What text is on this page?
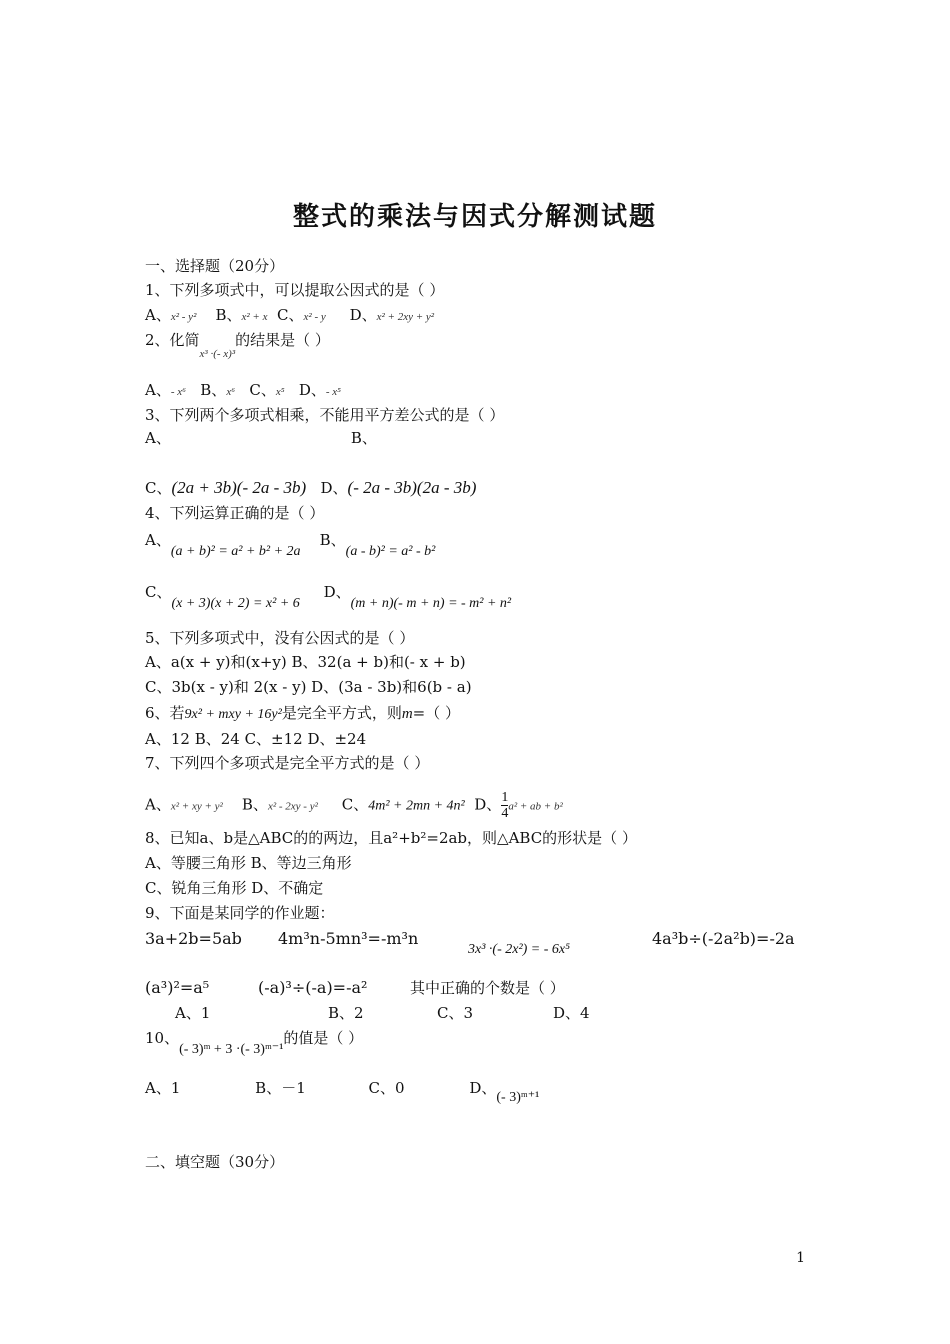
整式的乘法与因式分解测试题
一、选择题（20分）
1、下列多项式中，可以提取公因式的是（ ）
A、x² - y² B、x² + x C、x² - y D、x² + 2xy + y²
2、化简$_{x^3 \cdot(- x)^3}$的结果是（ ）
A、- x⁶ B、x⁶ C、x⁵ D、- x⁵
3、下列两个多项式相乘，不能用平方差公式的是（ ）
A、	B、
C、(2a + 3b)(- 2a - 3b) D、(- 2a - 3b)(2a - 3b)
4、下列运算正确的是（ ）
A、(a + b)² = a² + b² + 2a    B、(a - b)² = a² - b²
C、(x + 3)(x + 2) = x² + 6     D、(m + n)(- m + n) = - m² + n²
5、下列多项式中，没有公因式的是（ ）
A、a(x + y)和(x+y) B、32(a + b)和(- x + b)
C、3b(x - y)和 2(x - y) D、(3a - 3b)和6(b - a)
6、若9x² + mxy + 16y²是完全平方式，则m=（ ）
A、12 B、24 C、±12 D、±24
7、下列四个多项式是完全平方式的是（ ）
A、x² + xy + y² B、x² - 2xy - y² C、4m² + 2mn + 4n² D、 $\frac{1}{4} a^2$ + ab + b²
8、已知a、b是△ABC的的两边，且a²+b²=2ab，则△ABC的形状是（ ）
A、等腰三角形 B、等边三角形
C、锐角三角形 D、不确定
9、下面是某同学的作业题：
3a+2b=5ab 4m³n-5mn³=-m³n
3x³ ·(- 2x²) = - 6x⁵
4a³b÷(-2a²b)=-2a
(a³)²=a⁵	(-a)³÷(-a)=-a²	其中正确的个数是（ ）
A、1	B、2	C、3	D、4
10、(- 3)ᵐ + 3 ·(- 3)ᵐ⁻¹的值是（ ）
A、1	B、－1	C、0	D、(- 3)ᵐ⁺¹
二、填空题（30分）
1
